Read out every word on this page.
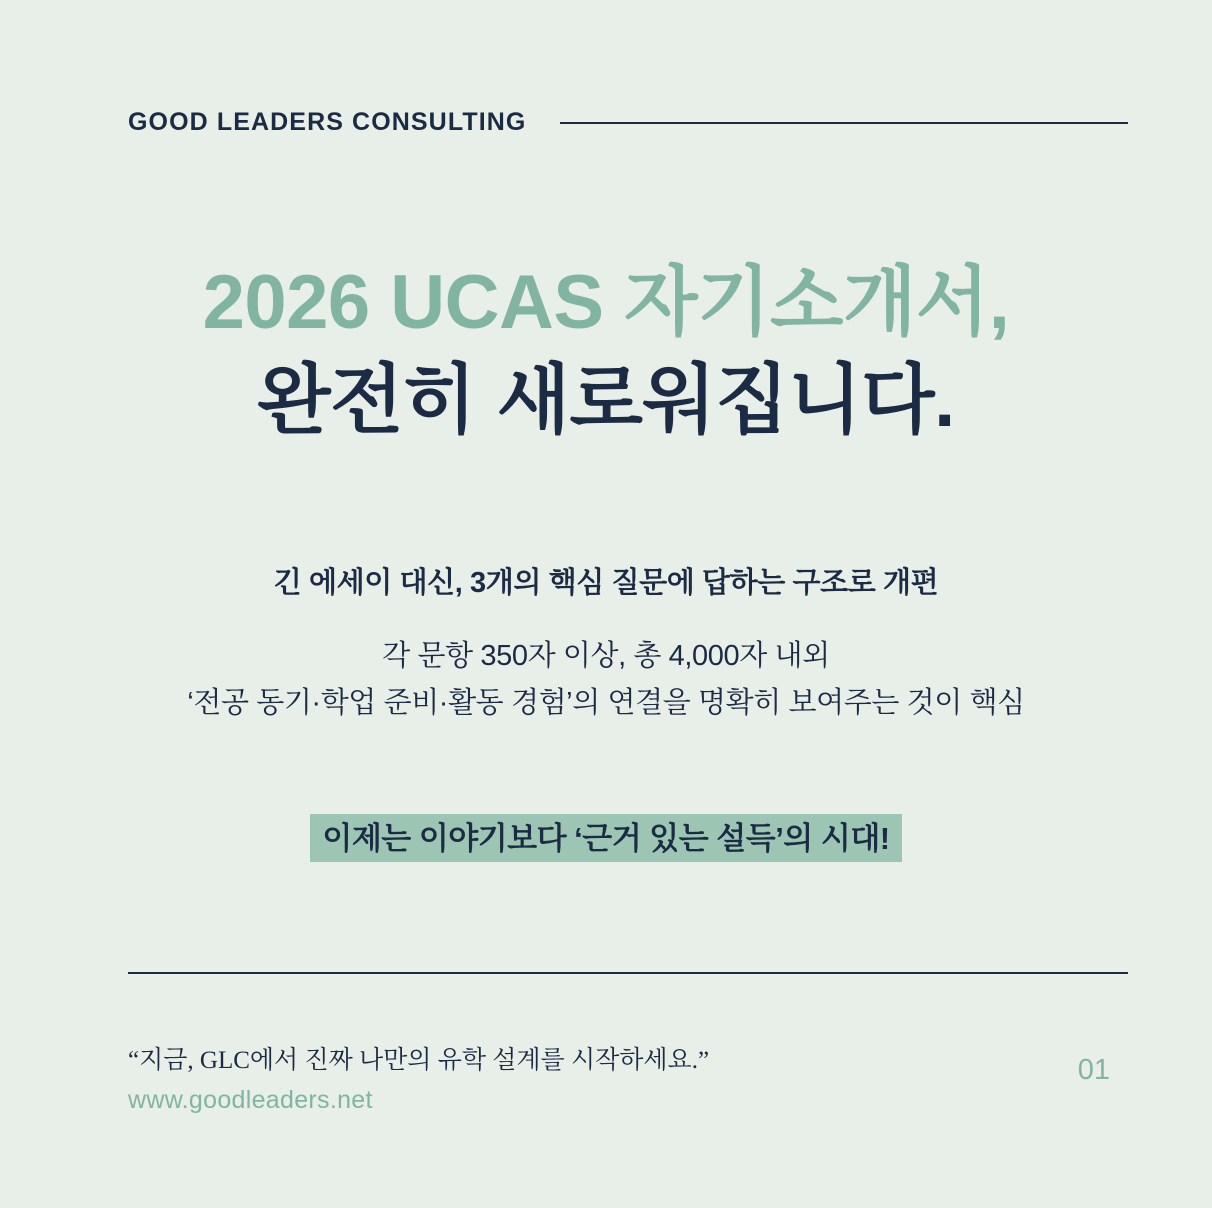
GOOD LEADERS CONSULTING
2026 UCAS 자기소개서,
완전히 새로워집니다.
긴 에세이 대신, 3개의 핵심 질문에 답하는 구조로 개편
각 문항 350자 이상, 총 4,000자 내외
‘전공 동기·학업 준비·활동 경험’의 연결을 명확히 보여주는 것이 핵심
이제는 이야기보다 ‘근거 있는 설득’의 시대!
“지금, GLC에서 진짜 나만의 유학 설계를 시작하세요.”
www.goodleaders.net
01
